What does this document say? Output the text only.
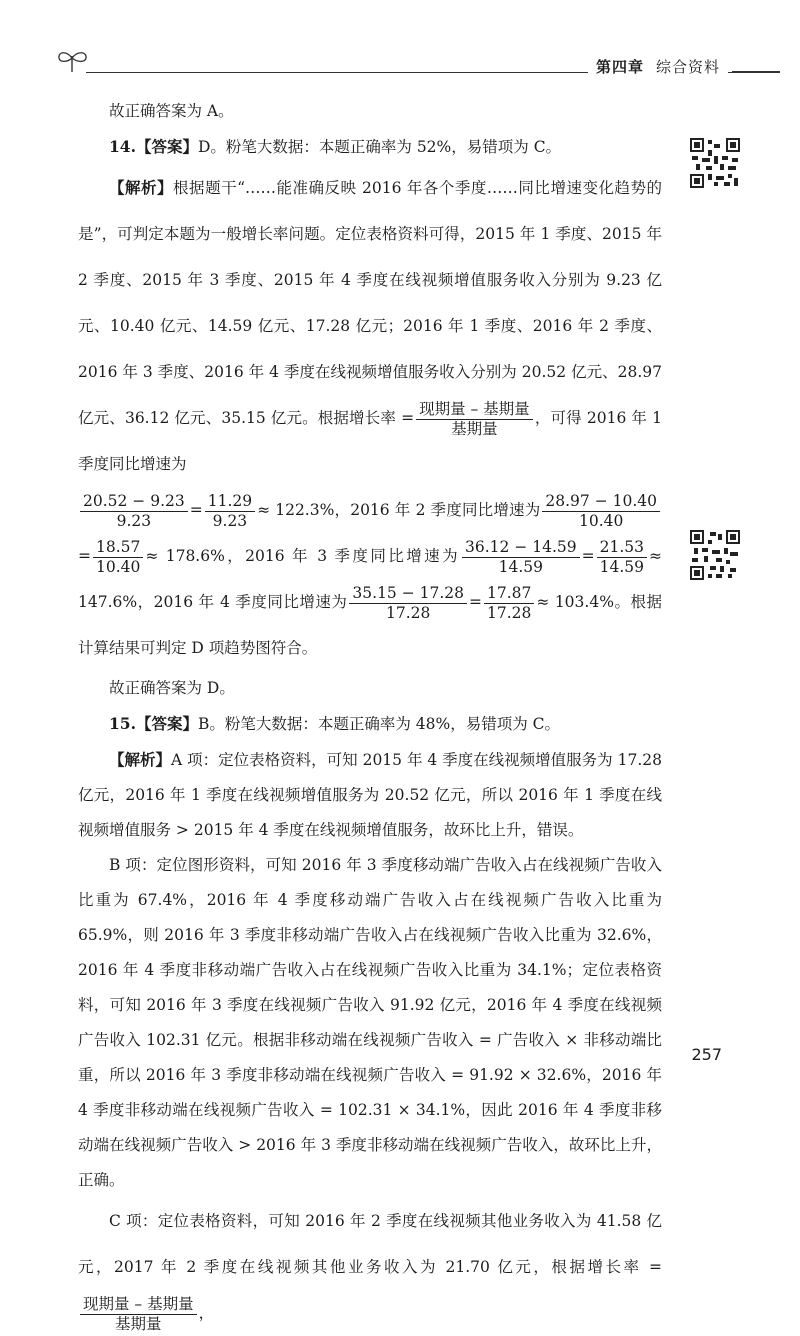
第四章 综合资料

故正确答案为 A。

14.【答案】D。粉笔大数据：本题正确率为 52%，易错项为 C。

【解析】根据题干“……能准确反映 2016 年各个季度……同比增速变化趋势的是”，可判定本题为一般增长率问题。定位表格资料可得，2015 年 1 季度、2015 年 2 季度、2015 年 3 季度、2015 年 4 季度在线视频增值服务收入分别为 9.23 亿元、10.40 亿元、14.59 亿元、17.28 亿元；2016 年 1 季度、2016 年 2 季度、2016 年 3 季度、2016 年 4 季度在线视频增值服务收入分别为 20.52 亿元、28.97 亿元、36.12 亿元、35.15 亿元。根据增长率 = $\frac{\text{现期量 – 基期量}}{\text{基期量}}$ ，可得 2016 年 1 季度同比增速为

$\frac{20.52 - 9.23}{9.23} = \frac{11.29}{9.23} \approx 122.3\%$，2016 年 2 季度同比增速为 $\frac{28.97 - 10.40}{10.40}$
= $\frac{18.57}{10.40} \approx 178.6\%$，2016 年 3 季度同比增速为 $\frac{36.12 - 14.59}{14.59} = \frac{21.53}{14.59} \approx 147.6\%$，2016 年 4 季度同比增速为 $\frac{35.15 - 17.28}{17.28} = \frac{17.87}{17.28} \approx 103.4\%$。根据计算结果可判定 D 项趋势图符合。

故正确答案为 D。

15.【答案】B。粉笔大数据：本题正确率为 48%，易错项为 C。

【解析】A 项：定位表格资料，可知 2015 年 4 季度在线视频增值服务为 17.28 亿元，2016 年 1 季度在线视频增值服务为 20.52 亿元，所以 2016 年 1 季度在线视频增值服务 > 2015 年 4 季度在线视频增值服务，故环比上升，错误。

B 项：定位图形资料，可知 2016 年 3 季度移动端广告收入占在线视频广告收入比重为 67.4%，2016 年 4 季度移动端广告收入占在线视频广告收入比重为 65.9%，则 2016 年 3 季度非移动端广告收入占在线视频广告收入比重为 32.6%，2016 年 4 季度非移动端广告收入占在线视频广告收入比重为 34.1%；定位表格资料，可知 2016 年 3 季度在线视频广告收入 91.92 亿元，2016 年 4 季度在线视频广告收入 102.31 亿元。根据非移动端在线视频广告收入 = 广告收入 × 非移动端比重，所以 2016 年 3 季度非移动端在线视频广告收入 = 91.92 × 32.6%，2016 年 4 季度非移动端在线视频广告收入 = 102.31 × 34.1%，因此 2016 年 4 季度非移动端在线视频广告收入 > 2016 年 3 季度非移动端在线视频广告收入，故环比上升，正确。

C 项：定位表格资料，可知 2016 年 2 季度在线视频其他业务收入为 41.58 亿元，2017 年 2 季度在线视频其他业务收入为 21.70 亿元，根据增长率 =
$\frac{\text{现期量 – 基期量}}{\text{基期量}}$ ，

257
